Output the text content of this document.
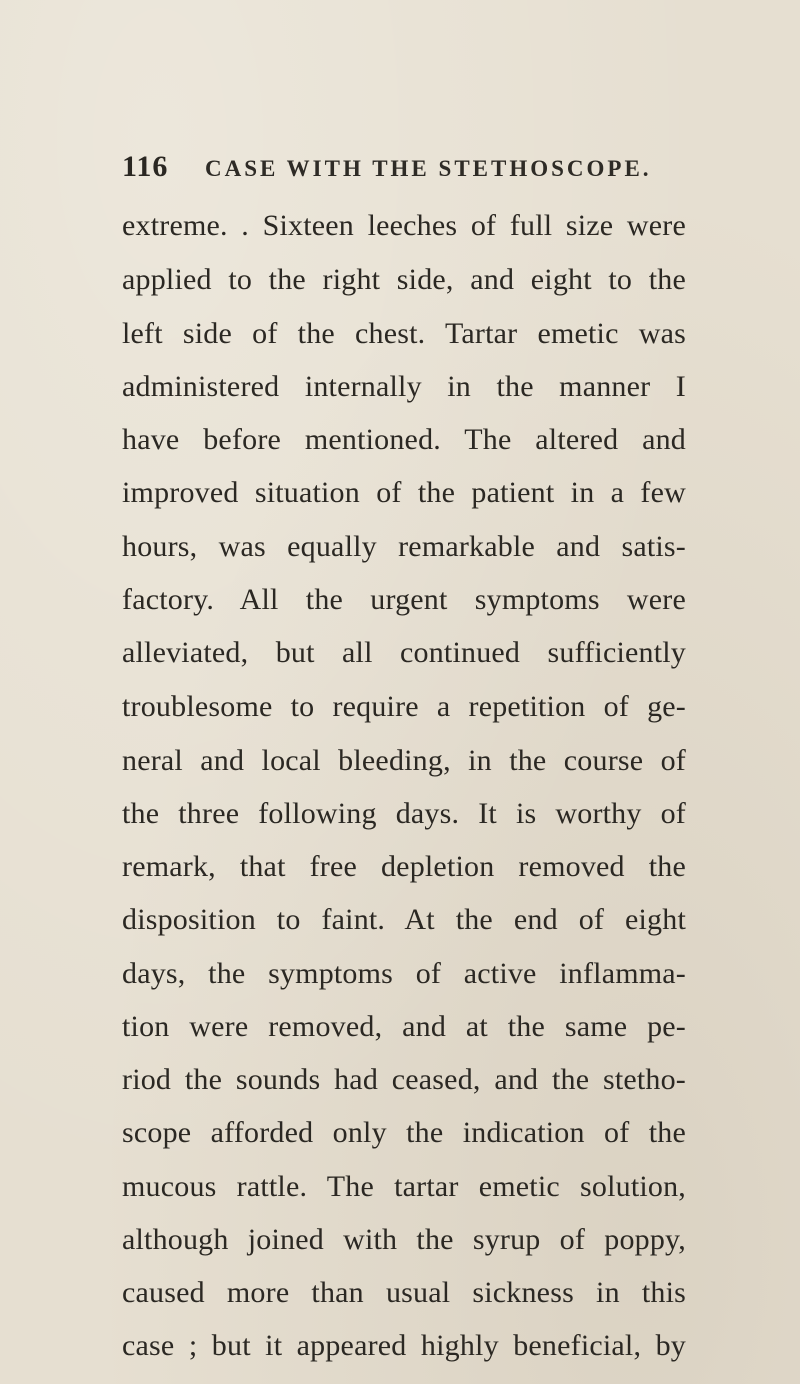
116 CASE WITH THE STETHOSCOPE.
extreme. . Sixteen leeches of full size were
applied to the right side, and eight to the
left side of the chest. Tartar emetic was
administered internally in the manner I
have before mentioned. The altered and
improved situation of the patient in a few
hours, was equally remarkable and satis-
factory. All the urgent symptoms were
alleviated, but all continued sufficiently
troublesome to require a repetition of ge-
neral and local bleeding, in the course of
the three following days. It is worthy of
remark, that free depletion removed the
disposition to faint. At the end of eight
days, the symptoms of active inflamma-
tion were removed, and at the same pe-
riod the sounds had ceased, and the stetho-
scope afforded only the indication of the
mucous rattle. The tartar emetic solution,
although joined with the syrup of poppy,
caused more than usual sickness in this
case ; but it appeared highly beneficial, by
